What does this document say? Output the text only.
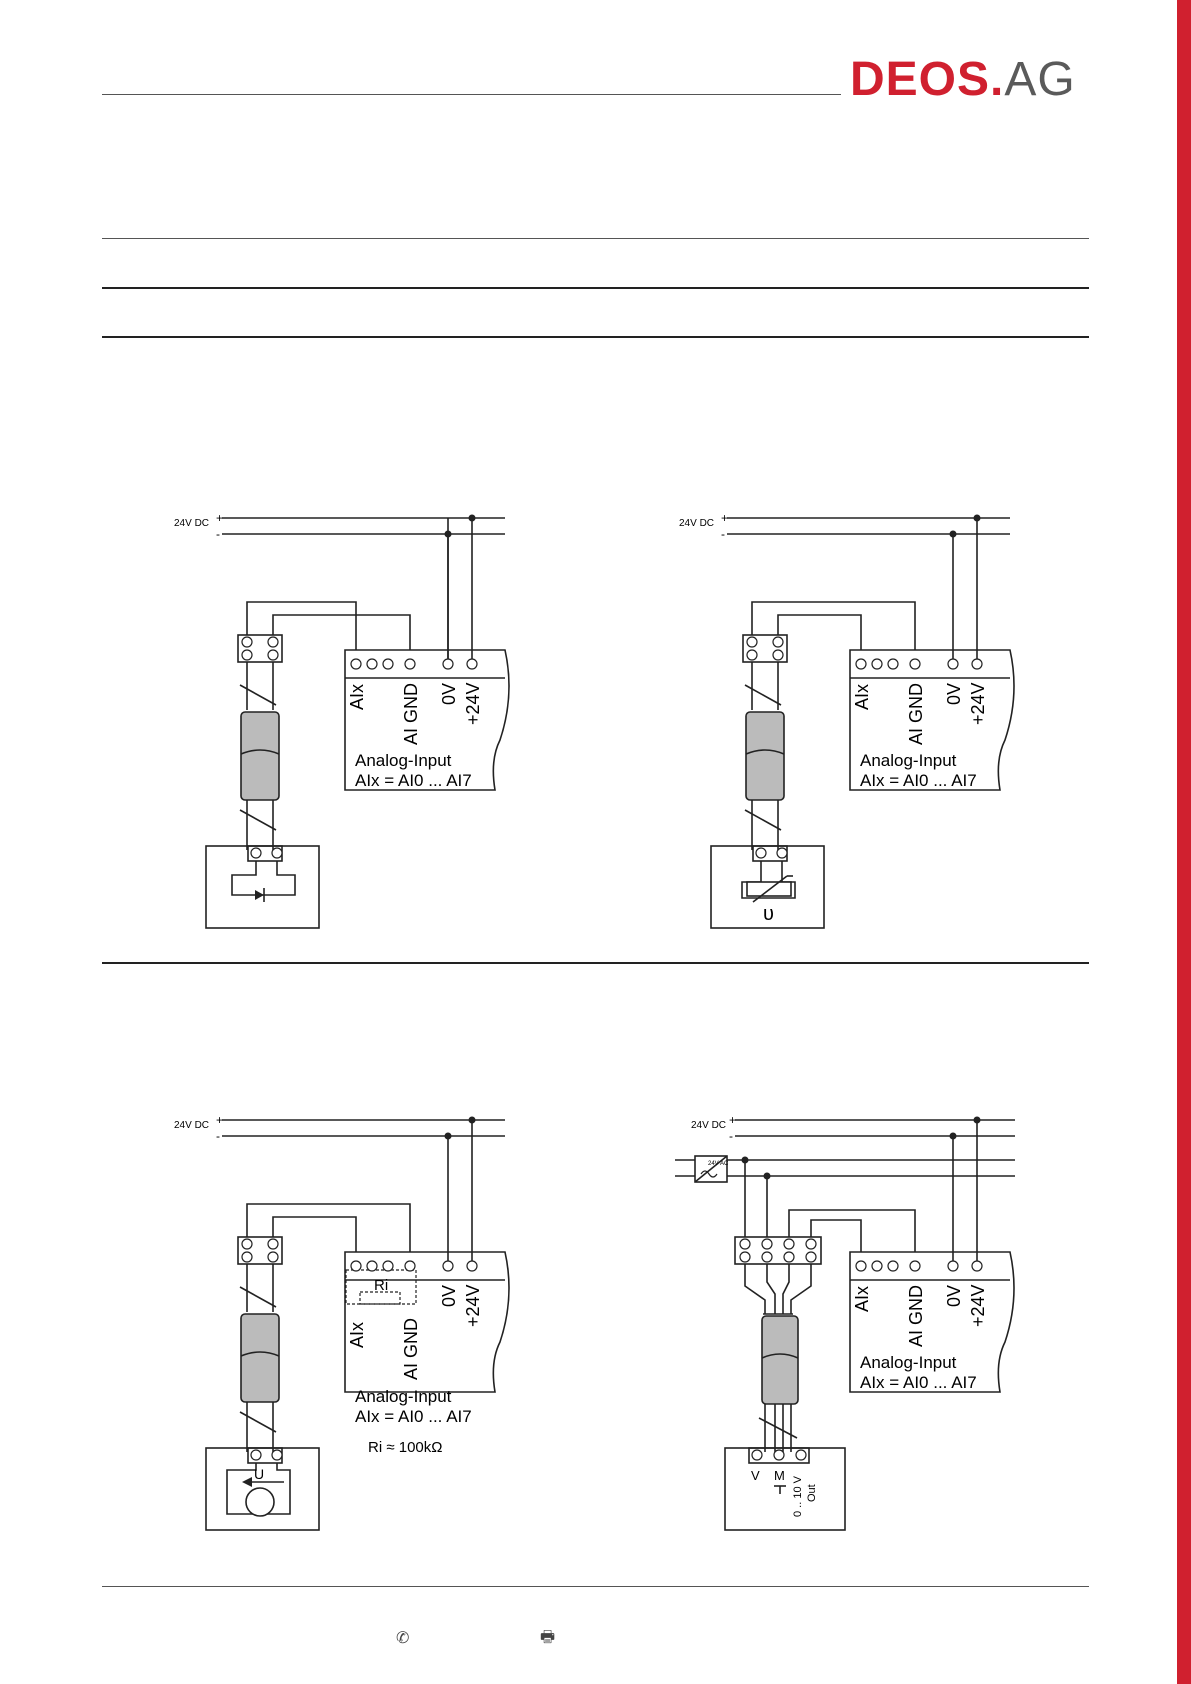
DEOS.AG
✆	🖶
24V DC +
-
AIx AI GND 0V +24V
Analog-Input
AIx = AI0 ... AI7
24V DC +
-
υ
AIx AI GND 0V +24V
Analog-Input
AIx = AI0 ... AI7
24V DC +
-
Ri
U
AIx AI GND
0V +24V
Analog-Input
AIx = AI0 ... AI7
Ri ≈ 100kΩ
24V DC +
-
24V AC
V M
0 .. 10 V Out
AIx AI GND 0V +24V
Analog-Input
AIx = AI0 ... AI7
